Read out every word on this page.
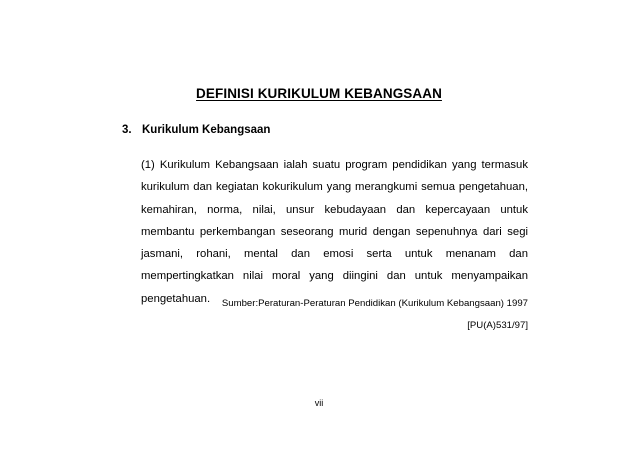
DEFINISI KURIKULUM KEBANGSAAN
3. Kurikulum Kebangsaan
(1) Kurikulum Kebangsaan ialah suatu program pendidikan yang termasuk kurikulum dan kegiatan kokurikulum yang merangkumi semua pengetahuan, kemahiran, norma, nilai, unsur kebudayaan dan kepercayaan untuk membantu perkembangan seseorang murid dengan sepenuhnya dari segi jasmani, rohani, mental dan emosi serta untuk menanam dan mempertingkatkan nilai moral yang diingini dan untuk menyampaikan pengetahuan.	Sumber:Peraturan-Peraturan Pendidikan (Kurikulum Kebangsaan) 1997
[PU(A)531/97]
vii
